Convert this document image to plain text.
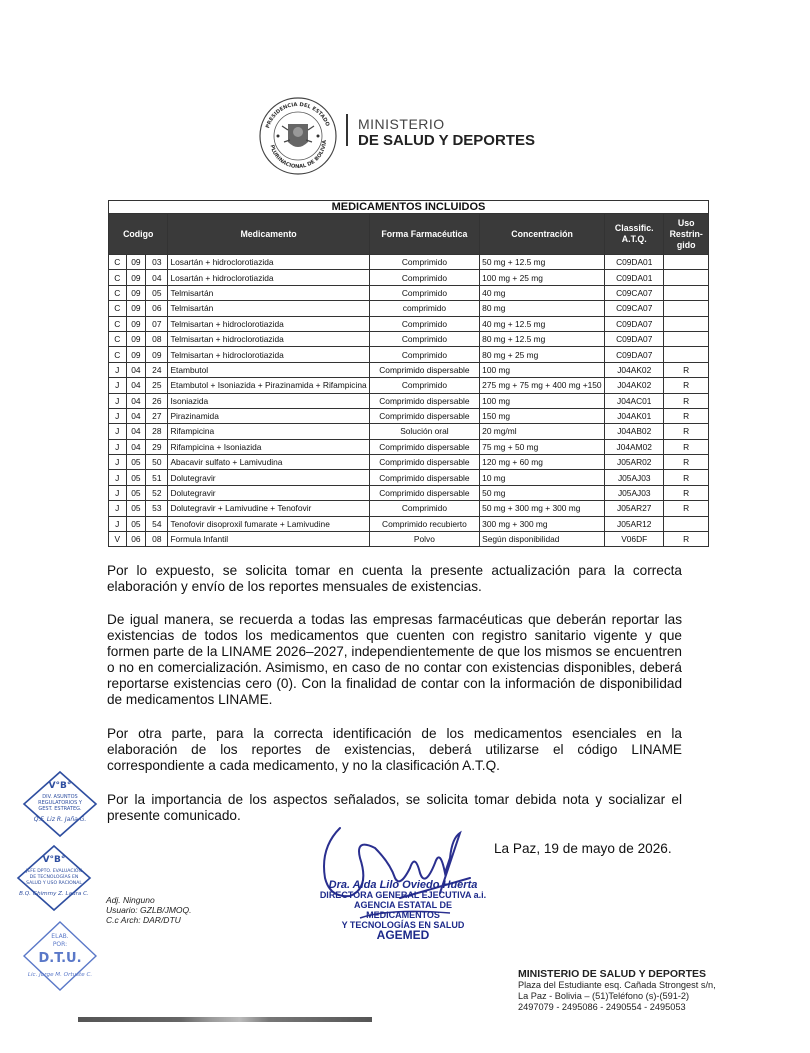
PRESIDENCIA DEL ESTADO
PLURINACIONAL DE BOLIVIA
MINISTERIO
DE SALUD Y DEPORTES
MEDICAMENTOS INCLUIDOS							
Codigo			Medicamento	Forma Farmacéutica	Concentración	Classific. A.T.Q.	Uso Restrin-gido
C	09	03	Losartán + hidroclorotiazida	Comprimido	50 mg + 12.5 mg	C09DA01	
C	09	04	Losartán + hidroclorotiazida	Comprimido	100 mg + 25 mg	C09DA01	
C	09	05	Telmisartán	Comprimido	40 mg	C09CA07	
C	09	06	Telmisartán	comprimido	80 mg	C09CA07	
C	09	07	Telmisartan + hidroclorotiazida	Comprimido	40 mg + 12.5 mg	C09DA07	
C	09	08	Telmisartan + hidroclorotiazida	Comprimido	80 mg + 12.5 mg	C09DA07	
C	09	09	Telmisartan + hidroclorotiazida	Comprimido	80 mg + 25 mg	C09DA07	
J	04	24	Etambutol	Comprimido dispersable	100 mg	J04AK02	R
J	04	25	Etambutol + Isoniazida + Pirazinamida + Rifampicina	Comprimido	275 mg + 75 mg + 400 mg +150	J04AK02	R
J	04	26	Isoniazida	Comprimido dispersable	100 mg	J04AC01	R
J	04	27	Pirazinamida	Comprimido dispersable	150 mg	J04AK01	R
J	04	28	Rifampicina	Solución oral	20 mg/ml	J04AB02	R
J	04	29	Rifampicina + Isoniazida	Comprimido dispersable	75 mg + 50 mg	J04AM02	R
J	05	50	Abacavir sulfato + Lamivudina	Comprimido dispersable	120 mg + 60 mg	J05AR02	R
J	05	51	Dolutegravir	Comprimido dispersable	10 mg	J05AJ03	R
J	05	52	Dolutegravir	Comprimido dispersable	50 mg	J05AJ03	R
J	05	53	Dolutegravir + Lamivudine + Tenofovir	Comprimido	50 mg + 300 mg + 300 mg	J05AR27	R
J	05	54	Tenofovir disoproxil fumarate + Lamivudine	Comprimido recubierto	300 mg + 300 mg	J05AR12	
V	06	08	Formula Infantil	Polvo	Según disponibilidad	V06DF	R
Por lo expuesto, se solicita tomar en cuenta la presente actualización para la correcta elaboración y envío de los reportes mensuales de existencias.
De igual manera, se recuerda a todas las empresas farmacéuticas que deberán reportar las existencias de todos los medicamentos que cuenten con registro sanitario vigente y que formen parte de la LINAME 2026–2027, independientemente de que los mismos se encuentren o no en comercialización. Asimismo, en caso de no contar con existencias disponibles, deberá reportarse existencias cero (0). Con la finalidad de contar con la información de disponibilidad de medicamentos LINAME.
Por otra parte, para la correcta identificación de los medicamentos esenciales en la elaboración de los reportes de existencias, deberá utilizarse el código LINAME correspondiente a cada medicamento, y no la clasificación A.T.Q.
Por la importancia de los aspectos señalados, se solicita tomar debida nota y socializar el presente comunicado.
La Paz, 19 de mayo de 2026.
Dra. Aida Lilo Oviedo Huerta
DIRECTORA GENERAL EJECUTIVA a.i.
AGENCIA ESTATAL DE MEDICAMENTOS
Y TECNOLOGÍAS EN SALUD
AGEMED
V°B°
DIV. ASUNTOS
REGULATORIOS Y
GEST. ESTRATEG.
Q.F. Liz R. Jaña G.
V°B°
JEFE DPTO. EVALUACIÓN
DE TECNOLOGÍAS EN
SALUD Y USO RACIONAL
B.Q. Ghimmy Z. Laura C.
ELAB.
POR:
D.T.U.
Lic. Jorge M. Ortuste C.
Adj. Ninguno
Usuario: GZLB/JMOQ.
C.c Arch: DAR/DTU
MINISTERIO DE SALUD Y DEPORTES
Plaza del Estudiante esq. Cañada Strongest s/n,
La Paz - Bolivia – (51)Teléfono (s)-(591-2)
2497079 - 2495086 - 2490554 - 2495053
